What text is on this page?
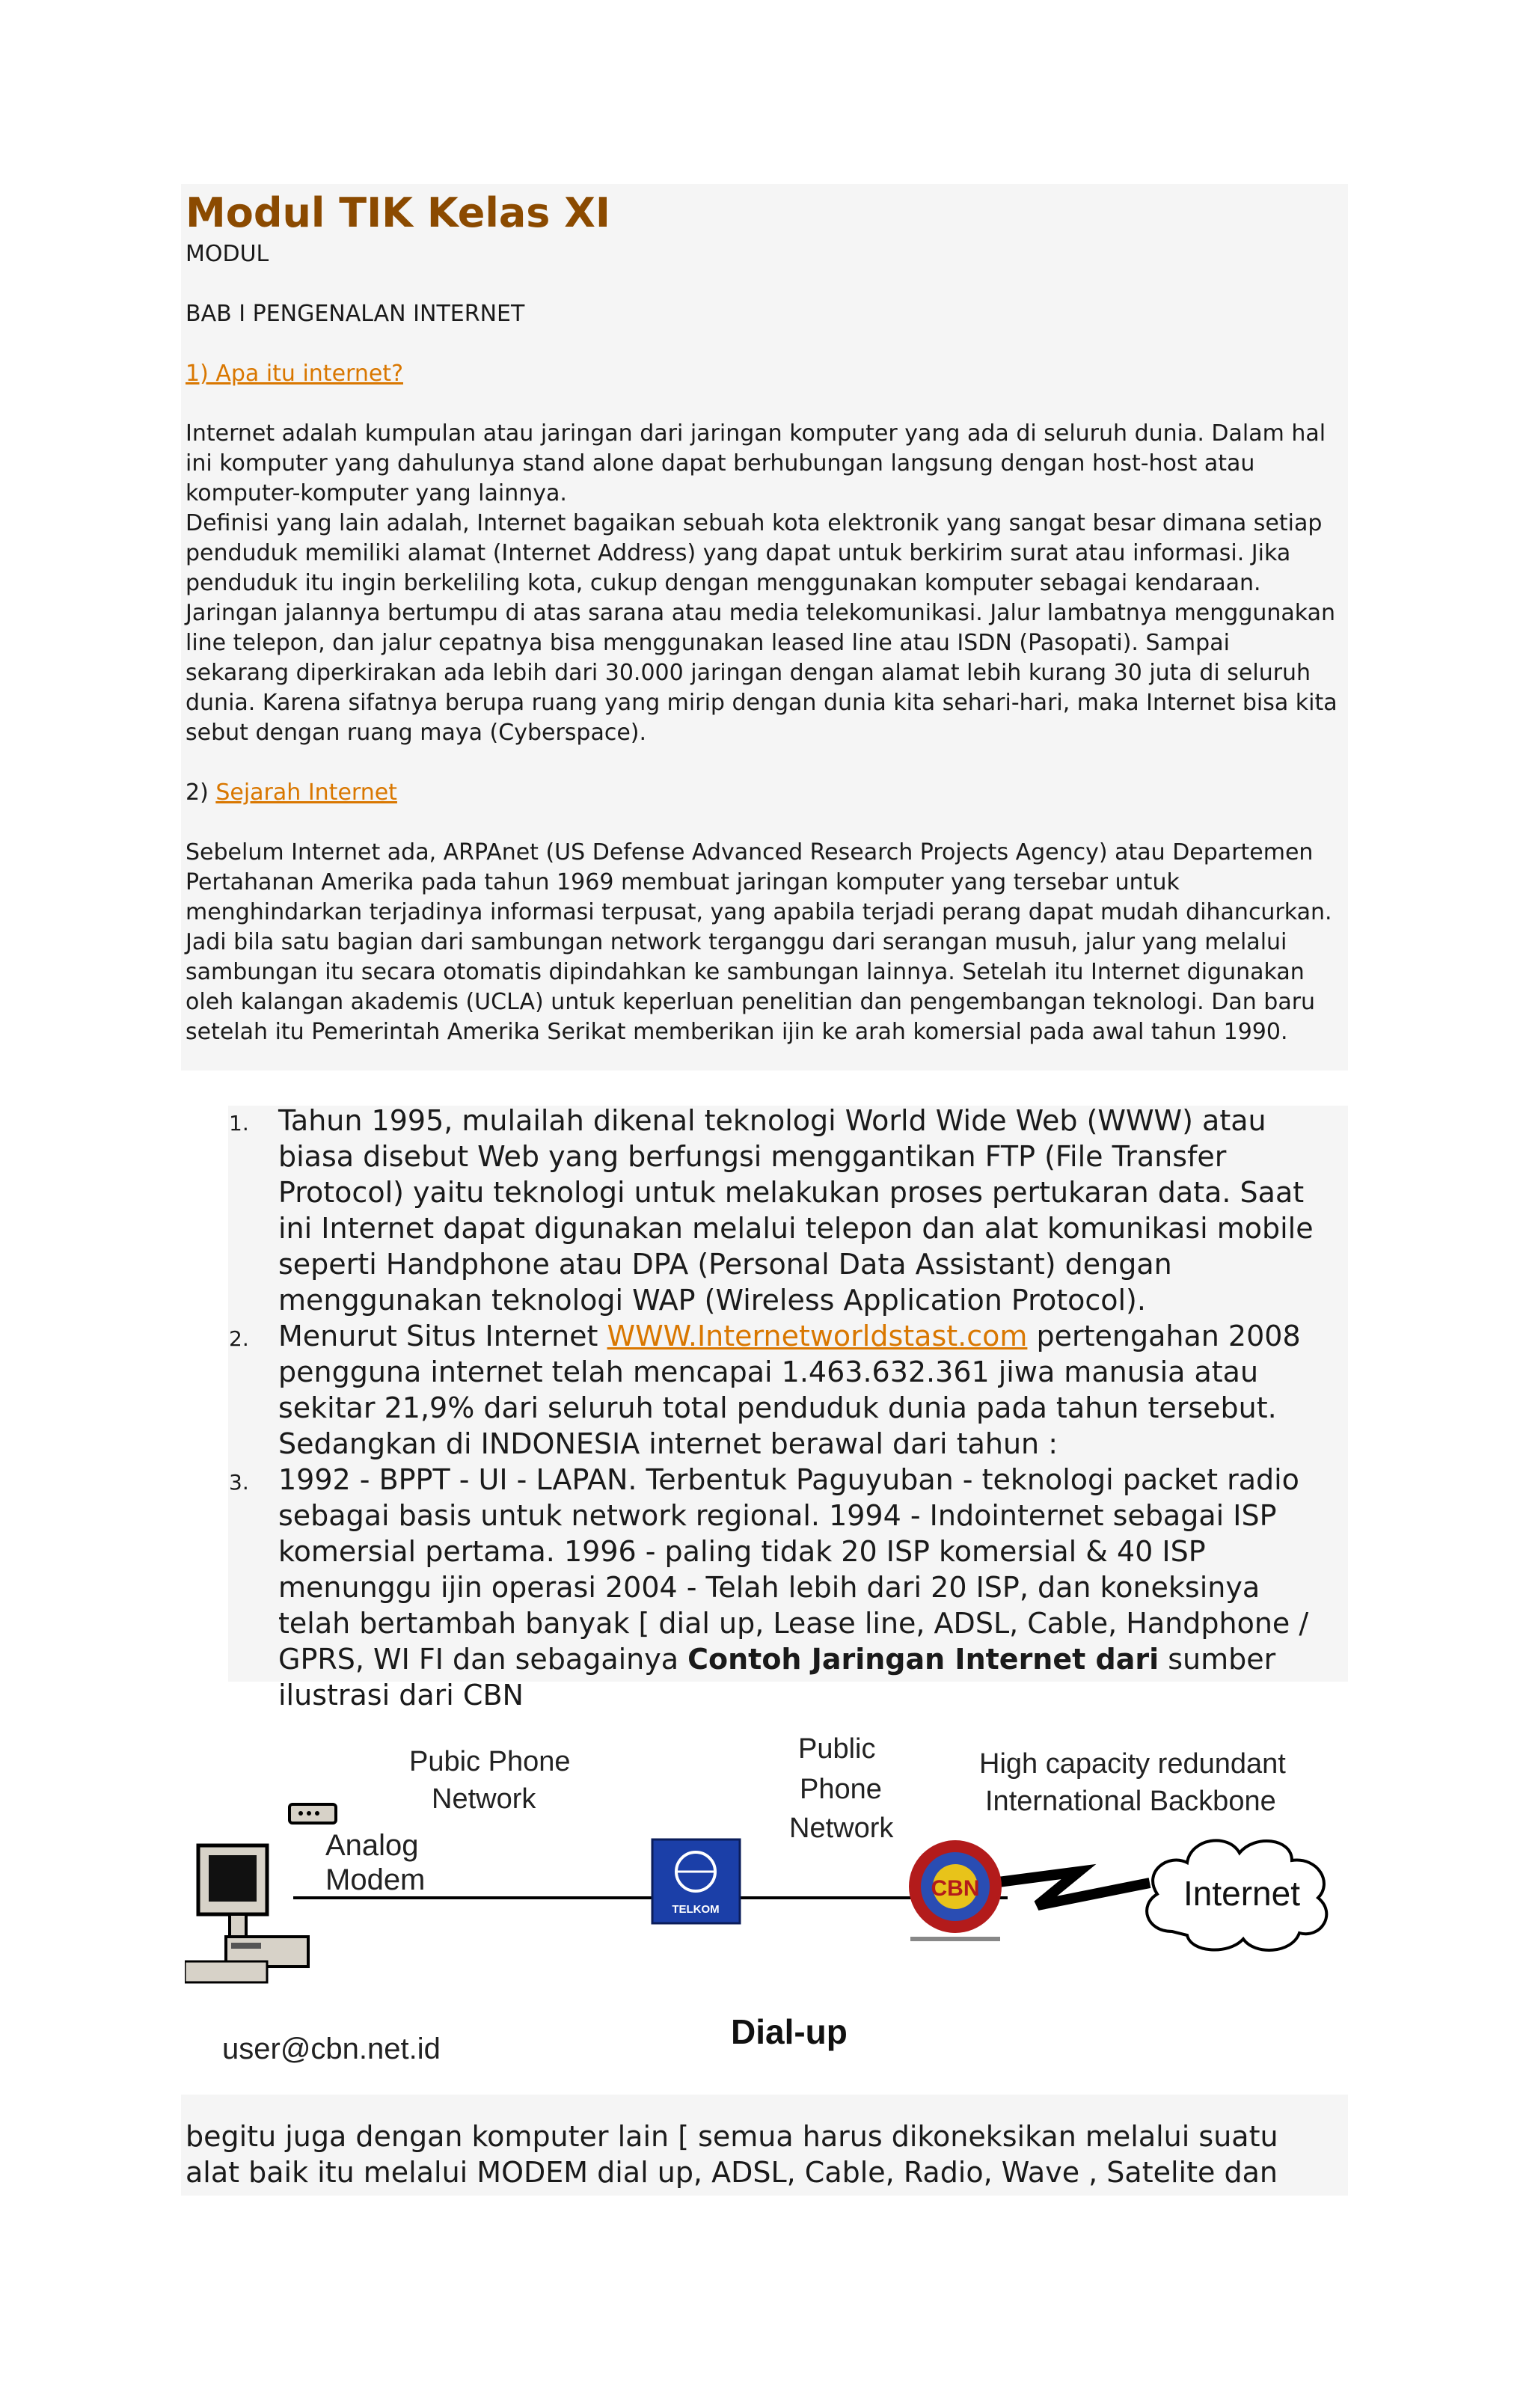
Modul TIK Kelas XI

MODUL

BAB I PENGENALAN INTERNET

1) Apa itu internet?

Internet adalah kumpulan atau jaringan dari jaringan komputer yang ada di seluruh dunia. Dalam hal ini komputer yang dahulunya stand alone dapat berhubungan langsung dengan host-host atau komputer-komputer yang lainnya.

Definisi yang lain adalah, Internet bagaikan sebuah kota elektronik yang sangat besar dimana setiap penduduk memiliki alamat (Internet Address) yang dapat untuk berkirim surat atau informasi. Jika penduduk itu ingin berkeliling kota, cukup dengan menggunakan komputer sebagai kendaraan. Jaringan jalannya bertumpu di atas sarana atau media telekomunikasi. Jalur lambatnya menggunakan line telepon, dan jalur cepatnya bisa menggunakan leased line atau ISDN (Pasopati). Sampai sekarang diperkirakan ada lebih dari 30.000 jaringan dengan alamat lebih kurang 30 juta di seluruh dunia. Karena sifatnya berupa ruang yang mirip dengan dunia kita sehari-hari, maka Internet bisa kita sebut dengan ruang maya (Cyberspace).

2) Sejarah Internet

Sebelum Internet ada, ARPAnet (US Defense Advanced Research Projects Agency) atau Departemen Pertahanan Amerika pada tahun 1969 membuat jaringan komputer yang tersebar untuk menghindarkan terjadinya informasi terpusat, yang apabila terjadi perang dapat mudah dihancurkan. Jadi bila satu bagian dari sambungan network terganggu dari serangan musuh, jalur yang melalui sambungan itu secara otomatis dipindahkan ke sambungan lainnya. Setelah itu Internet digunakan oleh kalangan akademis (UCLA) untuk keperluan penelitian dan pengembangan teknologi. Dan baru setelah itu Pemerintah Amerika Serikat memberikan ijin ke arah komersial pada awal tahun 1990.

1. Tahun 1995, mulailah dikenal teknologi World Wide Web (WWW) atau biasa disebut Web yang berfungsi menggantikan FTP (File Transfer Protocol) yaitu teknologi untuk melakukan proses pertukaran data. Saat ini Internet dapat digunakan melalui telepon dan alat komunikasi mobile seperti Handphone atau DPA (Personal Data Assistant) dengan menggunakan teknologi WAP (Wireless Application Protocol).
2. Menurut Situs Internet WWW.Internetworldstast.com pertengahan 2008 pengguna internet telah mencapai 1.463.632.361 jiwa manusia atau sekitar 21,9% dari seluruh total penduduk dunia pada tahun tersebut. Sedangkan di INDONESIA internet berawal dari tahun :
3. 1992 - BPPT - UI - LAPAN. Terbentuk Paguyuban - teknologi packet radio sebagai basis untuk network regional. 1994 - Indointernet sebagai ISP komersial pertama. 1996 - paling tidak 20 ISP komersial & 40 ISP menunggu ijin operasi 2004 - Telah lebih dari 20 ISP, dan koneksinya telah bertambah banyak [ dial up, Lease line, ADSL, Cable, Handphone / GPRS, WI FI dan sebagainya Contoh Jaringan Internet dari sumber ilustrasi dari CBN
Analog
Modem
Pubic Phone
Network
TELKOM
Public
Phone
Network
CBN
High capacity redundant
International Backbone
Internet
user@cbn.net.id	Dial-up
begitu juga dengan komputer lain [ semua harus dikoneksikan melalui suatu alat baik itu melalui MODEM dial up, ADSL, Cable, Radio, Wave , Satelite dan
